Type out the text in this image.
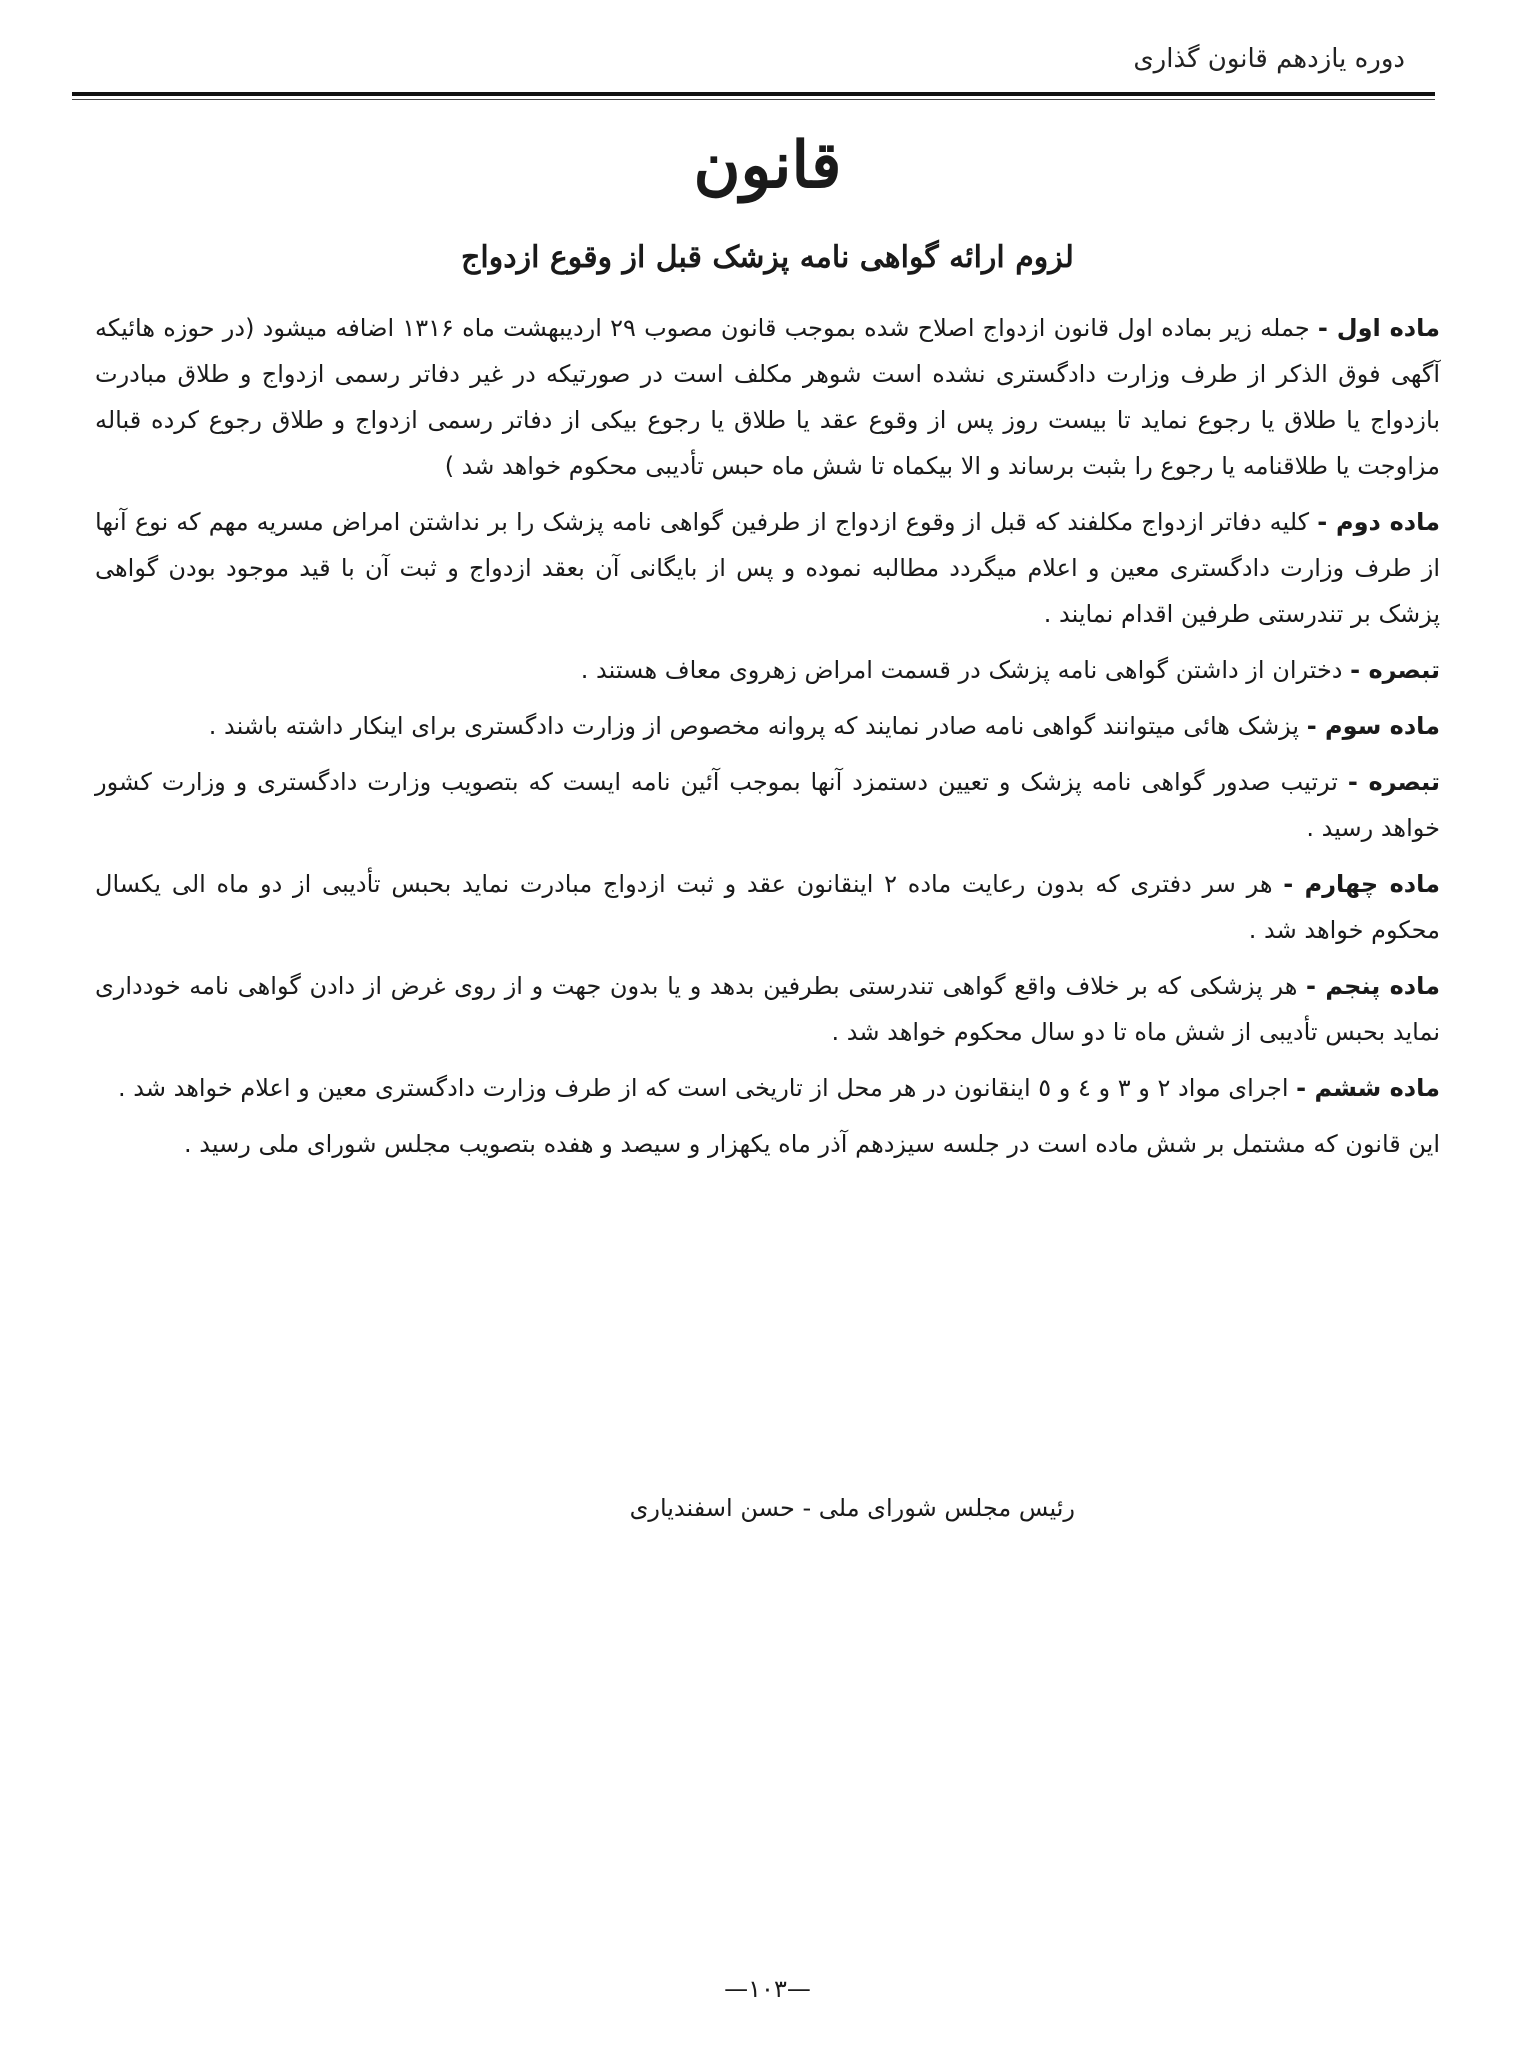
دوره یازدهم قانون گذاری
قانون
لزوم ارائه گواهی نامه پزشک قبل از وقوع ازدواج

ماده اول - جمله زیر بماده اول قانون ازدواج اصلاح شده بموجب قانون مصوب ۲۹ اردیبهشت ماه ۱۳۱۶ اضافه میشود (در حوزه هائیکه آگهی فوق الذکر از طرف وزارت دادگستری نشده است شوهر مکلف است در صورتیکه در غیر دفاتر رسمی ازدواج و طلاق مبادرت بازدواج یا طلاق یا رجوع نماید تا بیست روز پس از وقوع عقد یا طلاق یا رجوع بیکی از دفاتر رسمی ازدواج و طلاق رجوع کرده قباله مزاوجت یا طلاقنامه یا رجوع را بثبت برساند و الا بیکماه تا شش ماه حبس تأدیبی محکوم خواهد شد )

ماده دوم - کلیه دفاتر ازدواج مکلفند که قبل از وقوع ازدواج از طرفین گواهی نامه پزشک را بر نداشتن امراض مسریه مهم که نوع آنها از طرف وزارت دادگستری معین و اعلام میگردد مطالبه نموده و پس از بایگانی آن بعقد ازدواج و ثبت آن با قید موجود بودن گواهی پزشک بر تندرستی طرفین اقدام نمایند .

تبصره - دختران از داشتن گواهی نامه پزشک در قسمت امراض زهروی معاف هستند .

ماده سوم - پزشک هائی میتوانند گواهی نامه صادر نمایند که پروانه مخصوص از وزارت دادگستری برای اینکار داشته باشند .

تبصره - ترتیب صدور گواهی نامه پزشک و تعیین دستمزد آنها بموجب آئین نامه ایست که بتصویب وزارت دادگستری و وزارت کشور خواهد رسید .

ماده چهارم - هر سر دفتری که بدون رعایت ماده ۲ اینقانون عقد و ثبت ازدواج مبادرت نماید بحبس تأدیبی از دو ماه الی یکسال محکوم خواهد شد .

ماده پنجم - هر پزشکی که بر خلاف واقع گواهی تندرستی بطرفین بدهد و یا بدون جهت و از روی غرض از دادن گواهی نامه خودداری نماید بحبس تأدیبی از شش ماه تا دو سال محکوم خواهد شد .

ماده ششم - اجرای مواد ۲ و ۳ و ٤ و ٥ اینقانون در هر محل از تاریخی است که از طرف وزارت دادگستری معین و اعلام خواهد شد .

این قانون که مشتمل بر شش ماده است در جلسه سیزدهم آذر ماه یکهزار و سیصد و هفده بتصویب مجلس شورای ملی رسید .

رئیس مجلس شورای ملی - حسن اسفندیاری
—۱۰۳—
